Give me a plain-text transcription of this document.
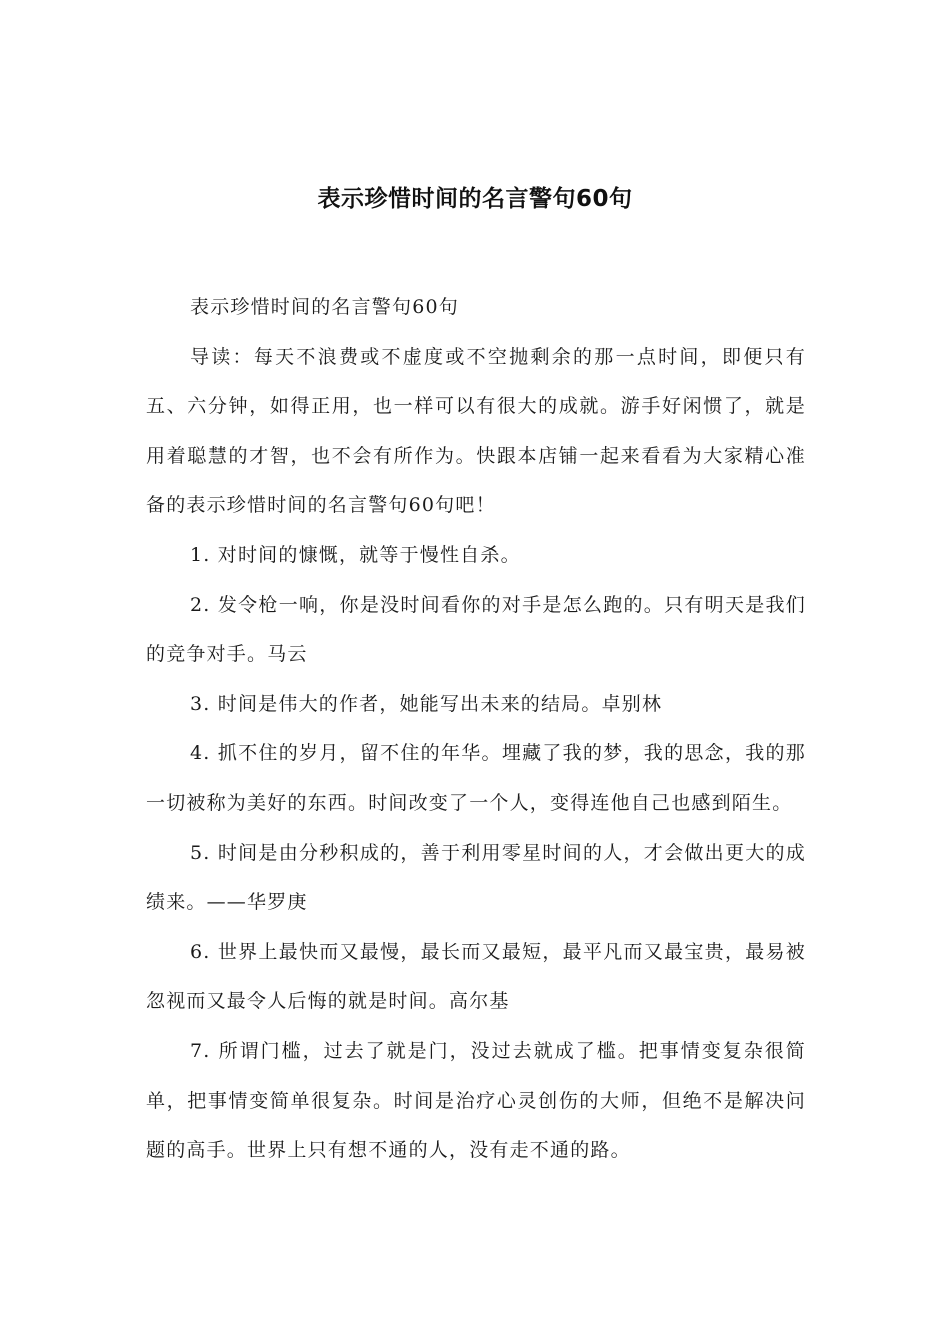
表示珍惜时间的名言警句60句

表示珍惜时间的名言警句60句

导读：每天不浪费或不虚度或不空抛剩余的那一点时间，即便只有五、六分钟，如得正用，也一样可以有很大的成就。游手好闲惯了，就是用着聪慧的才智，也不会有所作为。快跟本店铺一起来看看为大家精心准备的表示珍惜时间的名言警句60句吧！

1. 对时间的慷慨，就等于慢性自杀。

2. 发令枪一响，你是没时间看你的对手是怎么跑的。只有明天是我们的竞争对手。马云

3. 时间是伟大的作者，她能写出未来的结局。卓别林

4. 抓不住的岁月，留不住的年华。埋藏了我的梦，我的思念，我的那一切被称为美好的东西。时间改变了一个人，变得连他自己也感到陌生。

5. 时间是由分秒积成的，善于利用零星时间的人，才会做出更大的成绩来。——华罗庚

6. 世界上最快而又最慢，最长而又最短，最平凡而又最宝贵，最易被忽视而又最令人后悔的就是时间。高尔基

7. 所谓门槛，过去了就是门，没过去就成了槛。把事情变复杂很简单，把事情变简单很复杂。时间是治疗心灵创伤的大师，但绝不是解决问题的高手。世界上只有想不通的人，没有走不通的路。
